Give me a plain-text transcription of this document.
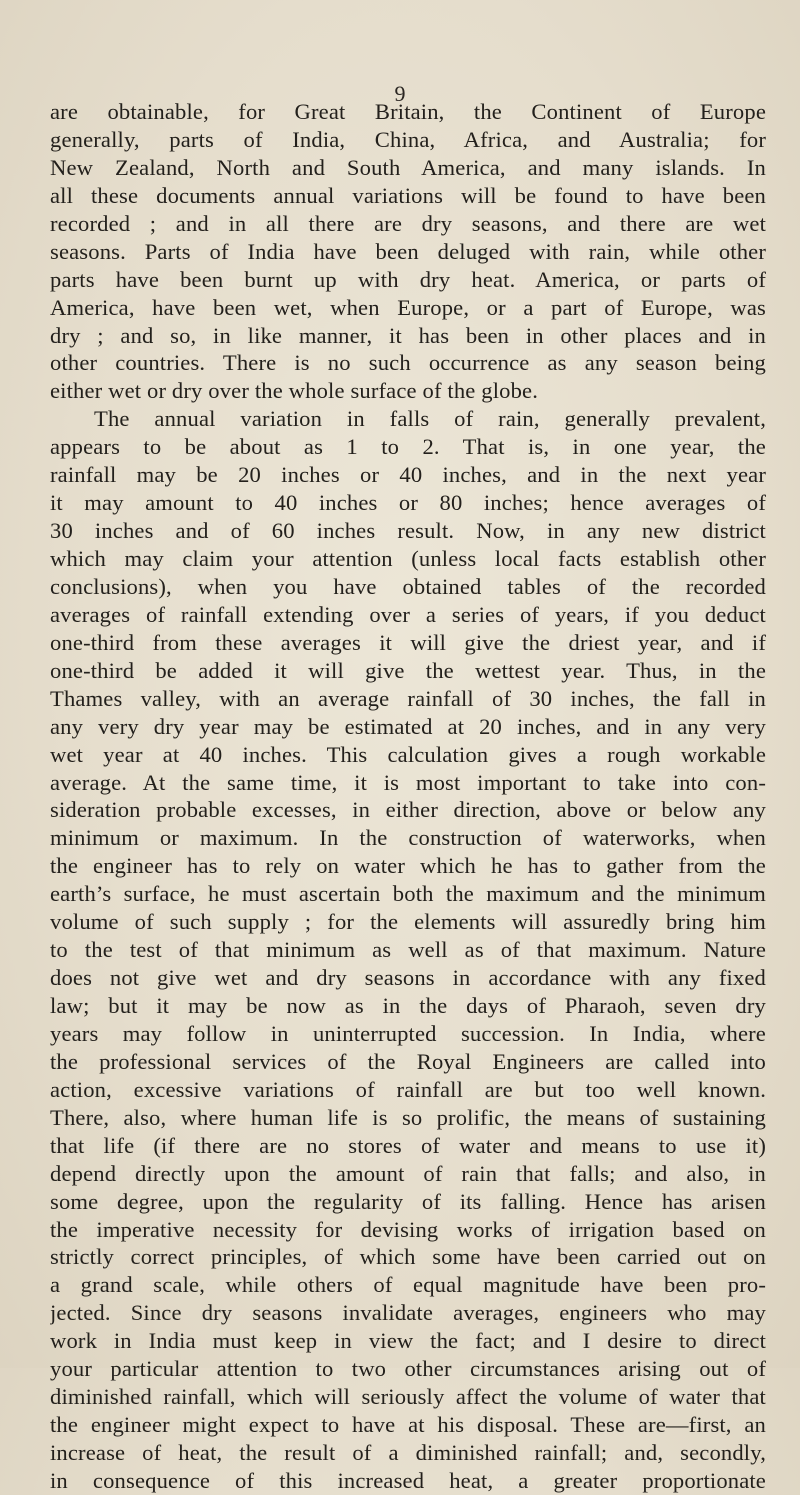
9

are obtainable, for Great Britain, the Continent of Europe

generally, parts of India, China, Africa, and Australia; for

New Zealand, North and South America, and many islands. In

all these documents annual variations will be found to have been

recorded ; and in all there are dry seasons, and there are wet

seasons. Parts of India have been deluged with rain, while other

parts have been burnt up with dry heat. America, or parts of

America, have been wet, when Europe, or a part of Europe, was

dry ; and so, in like manner, it has been in other places and in

other countries. There is no such occurrence as any season being

either wet or dry over the whole surface of the globe.

The annual variation in falls of rain, generally prevalent,

appears to be about as 1 to 2. That is, in one year, the

rainfall may be 20 inches or 40 inches, and in the next year

it may amount to 40 inches or 80 inches; hence averages of

30 inches and of 60 inches result. Now, in any new district

which may claim your attention (unless local facts establish other

conclusions), when you have obtained tables of the recorded

averages of rainfall extending over a series of years, if you deduct

one-third from these averages it will give the driest year, and if

one-third be added it will give the wettest year. Thus, in the

Thames valley, with an average rainfall of 30 inches, the fall in

any very dry year may be estimated at 20 inches, and in any very

wet year at 40 inches. This calculation gives a rough workable

average. At the same time, it is most important to take into con-

sideration probable excesses, in either direction, above or below any

minimum or maximum. In the construction of waterworks, when

the engineer has to rely on water which he has to gather from the

earth’s surface, he must ascertain both the maximum and the minimum

volume of such supply ; for the elements will assuredly bring him

to the test of that minimum as well as of that maximum. Nature

does not give wet and dry seasons in accordance with any fixed

law; but it may be now as in the days of Pharaoh, seven dry

years may follow in uninterrupted succession. In India, where

the professional services of the Royal Engineers are called into

action, excessive variations of rainfall are but too well known.

There, also, where human life is so prolific, the means of sustaining

that life (if there are no stores of water and means to use it)

depend directly upon the amount of rain that falls; and also, in

some degree, upon the regularity of its falling. Hence has arisen

the imperative necessity for devising works of irrigation based on

strictly correct principles, of which some have been carried out on

a grand scale, while others of equal magnitude have been pro-

jected. Since dry seasons invalidate averages, engineers who may

work in India must keep in view the fact; and I desire to direct

your particular attention to two other circumstances arising out of

diminished rainfall, which will seriously affect the volume of water that

the engineer might expect to have at his disposal. These are—first, an

increase of heat, the result of a diminished rainfall; and, secondly,

in consequence of this increased heat, a greater proportionate
